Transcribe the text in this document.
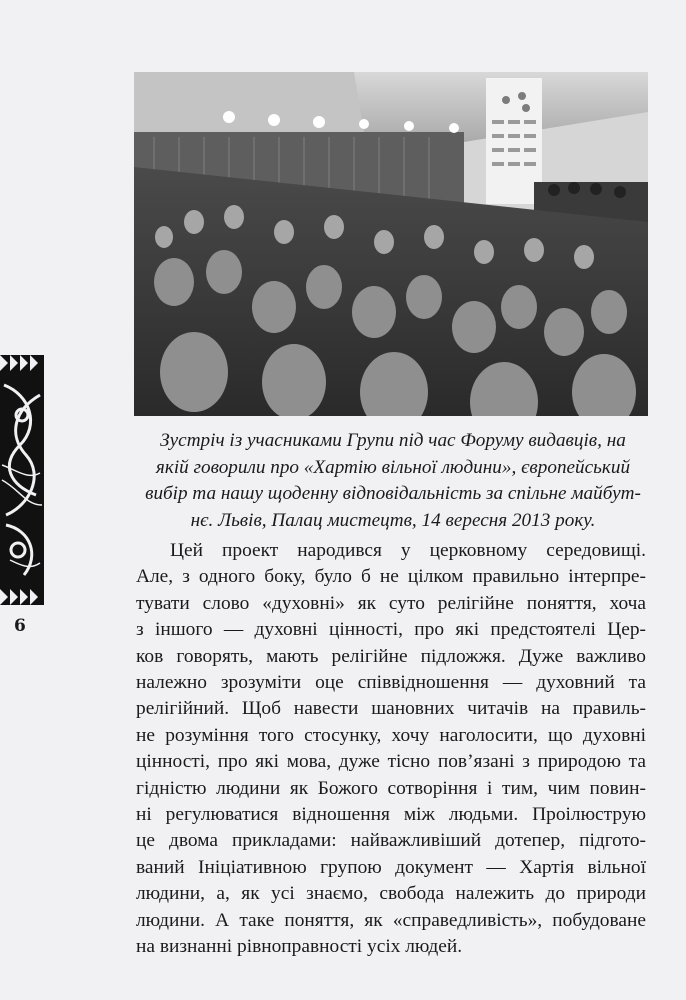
Зустріч із учасниками Групи під час Форуму видавців, на
якій говорили про «Хартію вільної людини», європейський
вибір та нашу щоденну відповідальність за спільне майбут-
нє. Львів, Палац мистецтв, 14 вересня 2013 року.
Цей проект народився у церковному середовищі.
Але, з одного боку, було б не цілком правильно інтерпре-
тувати слово «духовні» як суто релігійне поняття, хоча
з іншого — духовні цінності, про які предстоятелі Цер-
ков говорять, мають релігійне підложжя. Дуже важливо
належно зрозуміти оце співвідношення — духовний та
релігійний. Щоб навести шановних читачів на правиль-
не розуміння того стосунку, хочу наголосити, що духовні
цінності, про які мова, дуже тісно пов’язані з природою та
гідністю людини як Божого сотворіння і тим, чим повин-
ні регулюватися відношення між людьми. Проілюструю
це двома прикладами: найважливіший дотепер, підгото-
ваний Ініціативною групою документ — Хартія вільної
людини, а, як усі знаємо, свобода належить до природи
людини. А таке поняття, як «справедливість», побудоване
на визнанні рівноправності усіх людей.
6
